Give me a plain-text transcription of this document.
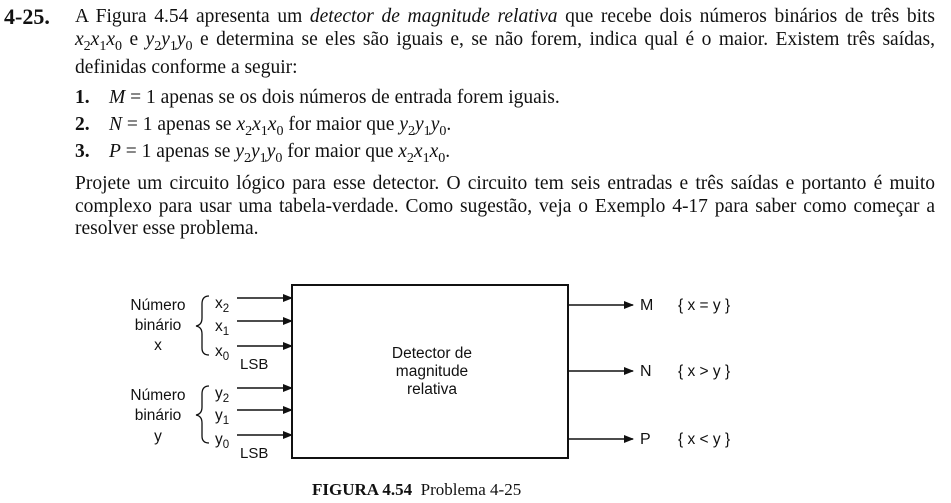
4-25. A Figura 4.54 apresenta um detector de magnitude relativa que recebe dois números binários de três bits $x_2x_1x_0$ e $y_2y_1y_0$ e determina se eles são iguais e, se não forem, indica qual é o maior. Existem três saídas, definidas conforme a seguir:
1. M = 1 apenas se os dois números de entrada forem iguais.
2. N = 1 apenas se $x_2x_1x_0$ for maior que $y_2y_1y_0$.
3. P = 1 apenas se $y_2y_1y_0$ for maior que $x_2x_1x_0$.
Projete um circuito lógico para esse detector. O circuito tem seis entradas e três saídas e portanto é muito complexo para usar uma tabela-verdade. Como sugestão, veja o Exemplo 4-17 para saber como começar a resolver esse problema.
Detector de
magnitude
relativa
Número
binário
x
$x_2$
$x_1$
$x_0$ LSB
Número
binário
y
$y_2$
$y_1$
$y_0$ LSB
M
N
P
{ x = y }
{ x > y }
{ x < y }
FIGURA 4.54 Problema 4-25
